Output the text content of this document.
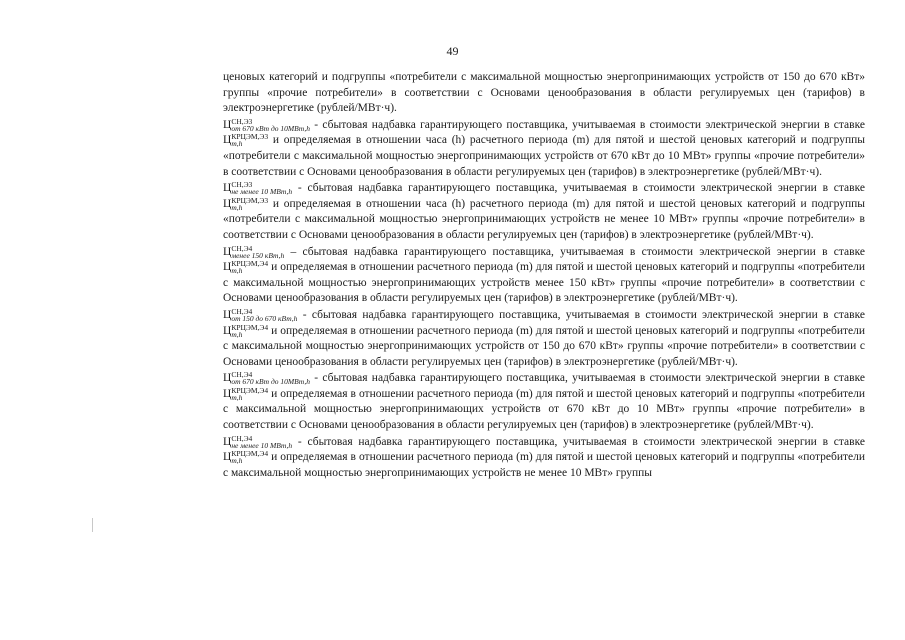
49

ценовых категорий и подгруппы «потребители с максимальной мощностью энергопринимающих устройств от 150 до 670 кВт» группы «прочие потребители» в соответствии с Основами ценообразования в области регулируемых цен (тарифов) в электроэнергетике (рублей/МВт·ч).

Ц СН,Э3
от 670 кВт до 10МВт,h - сбытовая надбавка гарантирующего поставщика, учитываемая в стоимости электрической энергии в ставке Ц КРЦЭМ,Э3
m,h	и определяемая в отношении часа (h) расчетного периода (m) для пятой и шестой ценовых категорий и подгруппы «потребители с максимальной мощностью энергопринимающих устройств от 670 кВт до 10 МВт» группы «прочие потребители» в соответствии с Основами ценообразования в области регулируемых цен (тарифов) в электроэнергетике (рублей/МВт·ч).

Ц СН,Э3
не менее 10 МВт,h - сбытовая надбавка гарантирующего поставщика, учитываемая в стоимости электрической энергии в ставке Ц КРЦЭМ,Э3
m,h	и определяемая в отношении часа (h) расчетного периода (m) для пятой и шестой ценовых категорий и подгруппы «потребители с максимальной мощностью энергопринимающих устройств не менее 10 МВт» группы «прочие потребители» в соответствии с Основами ценообразования в области регулируемых цен (тарифов) в электроэнергетике (рублей/МВт·ч).

Ц СН,Э4
менее 150 кВт,h – сбытовая надбавка гарантирующего поставщика, учитываемая в стоимости электрической энергии в ставке Ц КРЦЭМ,Э4
m,h	и определяемая в отношении расчетного периода (m) для пятой и шестой ценовых категорий и подгруппы «потребители с максимальной мощностью энергопринимающих устройств менее 150 кВт» группы «прочие потребители» в соответствии с Основами ценообразования в области регулируемых цен (тарифов) в электроэнергетике (рублей/МВт·ч).

Ц СН,Э4
от 150 до 670 кВт,h - сбытовая надбавка гарантирующего поставщика, учитываемая в стоимости электрической энергии в ставке Ц КРЦЭМ,Э4
m,h	и определяемая в отношении расчетного периода (m) для пятой и шестой ценовых категорий и подгруппы «потребители с максимальной мощностью энергопринимающих устройств от 150 до 670 кВт» группы «прочие потребители» в соответствии с Основами ценообразования в области регулируемых цен (тарифов) в электроэнергетике (рублей/МВт·ч).

Ц СН,Э4
от 670 кВт до 10МВт,h - сбытовая надбавка гарантирующего поставщика, учитываемая в стоимости электрической энергии в ставке Ц КРЦЭМ,Э4
m,h	и определяемая в отношении расчетного периода (m) для пятой и шестой ценовых категорий и подгруппы «потребители с максимальной мощностью энергопринимающих устройств от 670 кВт до 10 МВт» группы «прочие потребители» в соответствии с Основами ценообразования в области регулируемых цен (тарифов) в электроэнергетике (рублей/МВт·ч).

Ц СН,Э4
не менее 10 МВт,h - сбытовая надбавка гарантирующего поставщика, учитываемая в стоимости электрической энергии в ставке Ц КРЦЭМ,Э4
m,h	и определяемая в отношении расчетного периода (m) для пятой и шестой ценовых категорий и подгруппы «потребители с максимальной мощностью энергопринимающих устройств не менее 10 МВт» группы
